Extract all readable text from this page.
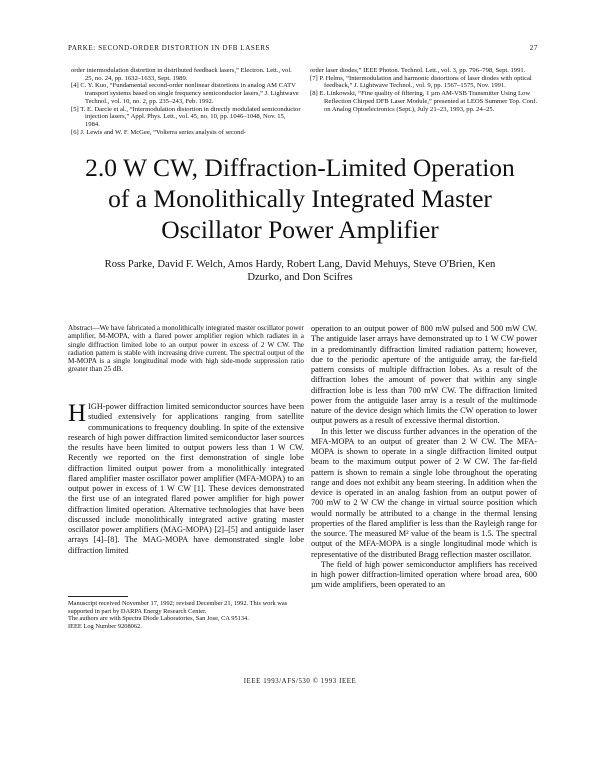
PARKE: SECOND-ORDER DISTORTION IN DFB LASERS	27

order intermodulation distortion in distributed feedback lasers,” Electron. Lett., vol. 25, no. 24, pp. 1632–1633, Sept. 1989.

[4] C. Y. Kuo, “Fundamental second-order nonlinear distortions in analog AM CATV transport systems based on single frequency semiconductor lasers,” J. Lightwave Technol., vol. 10, no. 2, pp. 235–243, Feb. 1992.

[5] T. E. Darcie et al., “Intermodulation distortion in directly modulated semiconductor injection lasers,” Appl. Phys. Lett., vol. 45, no. 10, pp. 1046–1048, Nov. 15, 1984.

[6] J. Lewis and W. F. McGee, “Volterra series analysis of second-

order laser diodes,” IEEE Photon. Technol. Lett., vol. 3, pp. 796–798, Sept. 1991.

[7] P. Helms, “Intermodulation and harmonic distortions of laser diodes with optical feedback,” J. Lightwave Technol., vol. 9, pp. 1567–1575, Nov. 1991.

[8] E. Linkowski, “Fine quality of filtering, 1 µm AM-VSB Transmitter Using Low Reflection Chirped DFB Laser Module,” presented at LEOS Summer Top. Conf. on Analog Optoelectronics (Sept.), July 21–23, 1993, pp. 24–25.

2.0 W CW, Diffraction-Limited Operation
of a Monolithically Integrated Master
Oscillator Power Amplifier
Ross Parke, David F. Welch, Amos Hardy, Robert Lang, David Mehuys, Steve O'Brien, Ken Dzurko, and Don Scifres
Abstract—We have fabricated a monolithically integrated master oscillator power amplifier, M-MOPA, with a flared power amplifier region which radiates in a single diffraction limited lobe to an output power in excess of 2 W CW. The radiation pattern is stable with increasing drive current. The spectral output of the M-MOPA is a single longitudinal mode with high side-mode suppression ratio greater than 25 dB.
H IGH-power diffraction limited semiconductor sources have been studied extensively for applications ranging from satellite communications to frequency doubling. In spite of the extensive research of high power diffraction limited semiconductor laser sources the results have been limited to output powers less than 1 W CW. Recently we reported on the first demonstration of single lobe diffraction limited output power from a monolithically integrated flared amplifier master oscillator power amplifier (MFA-MOPA) to an output power in excess of 1 W CW [1]. These devices demonstrated the first use of an integrated flared power amplifier for high power diffraction limited operation. Alternative technologies that have been discussed include monolithically integrated active grating master oscillator power amplifiers (MAG-MOPA) [2]–[5] and antiguide laser arrays [4]–[8]. The MAG-MOPA have demonstrated single lobe diffraction limited

Manuscript received November 17, 1992; revised December 21, 1992. This work was supported in part by DARPA Energy Research Center.

The authors are with Spectra Diode Laboratories, San Jose, CA 95134.

IEEE Log Number 9208062.

operation to an output power of 800 mW pulsed and 500 mW CW. The antiguide laser arrays have demonstrated up to 1 W CW power in a predominantly diffraction limited radiation pattern; however, due to the periodic aperture of the antiguide array, the far-field pattern consists of multiple diffraction lobes. As a result of the diffraction lobes the amount of power that within any single diffraction lobe is less than 700 mW CW. The diffraction limited power from the antiguide laser array is a result of the multimode nature of the device design which limits the CW operation to lower output powers as a result of excessive thermal distortion.

In this letter we discuss further advances in the operation of the MFA-MOPA to an output of greater than 2 W CW. The MFA-MOPA is shown to operate in a single diffraction limited output beam to the maximum output power of 2 W CW. The far-field pattern is shown to remain a single lobe throughout the operating range and does not exhibit any beam steering. In addition when the device is operated in an analog fashion from an output power of 700 mW to 2 W CW the change in virtual source position which would normally be attributed to a change in the thermal lensing properties of the flared amplifier is less than the Rayleigh range for the source. The measured M² value of the beam is 1.5. The spectral output of the MFA-MOPA is a single longitudinal mode which is representative of the distributed Bragg reflection master oscillator.

The field of high power semiconductor amplifiers has received in high power diffraction-limited operation where broad area, 600 µm wide amplifiers, been operated to an

IEEE 1993/AFS/530 © 1993 IEEE
